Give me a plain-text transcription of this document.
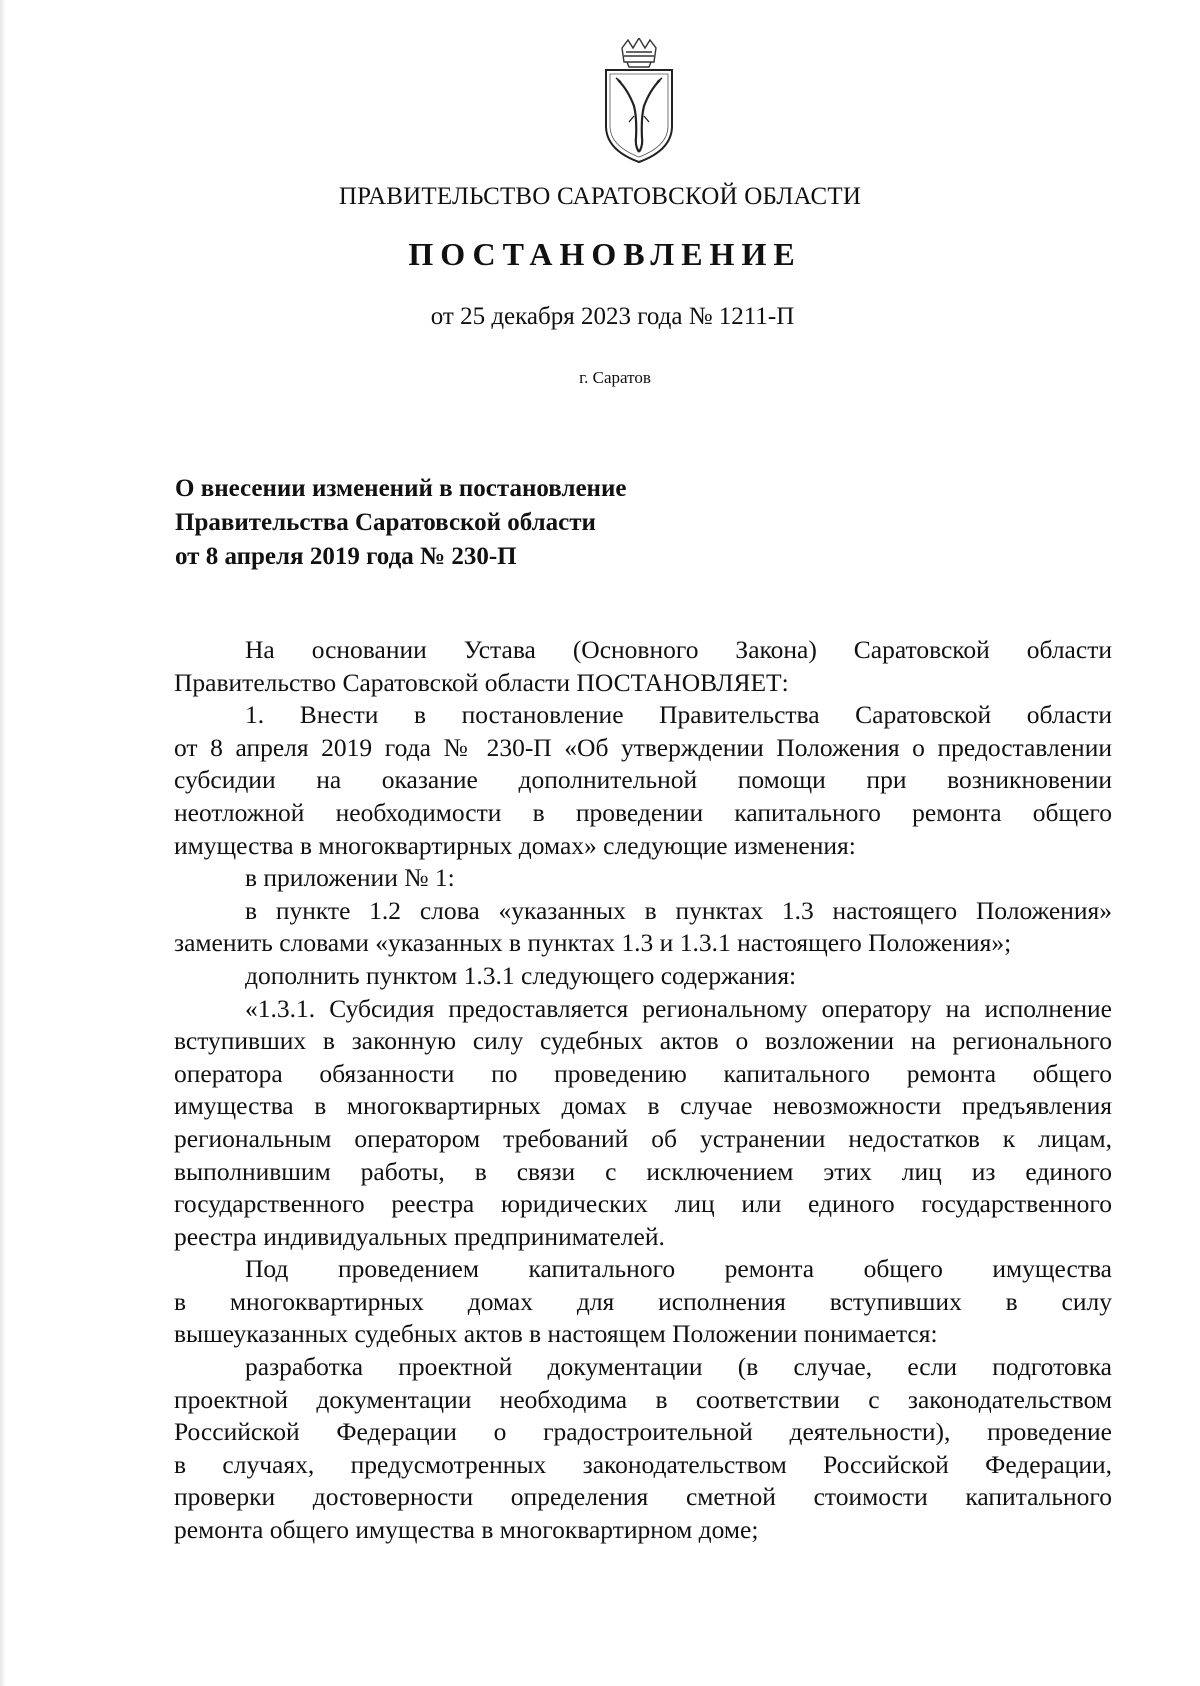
ПРАВИТЕЛЬСТВО САРАТОВСКОЙ ОБЛАСТИ
ПОСТАНОВЛЕНИЕ
от 25 декабря 2023 года № 1211-П
г. Саратов
О внесении изменений в постановление
Правительства Саратовской области
от 8 апреля 2019 года № 230-П
На основании Устава (Основного Закона) Саратовской области
Правительство Саратовской области ПОСТАНОВЛЯЕТ:
1. Внести в постановление Правительства Саратовской области
от 8 апреля 2019 года № 230-П «Об утверждении Положения о предоставлении
субсидии на оказание дополнительной помощи при возникновении
неотложной необходимости в проведении капитального ремонта общего
имущества в многоквартирных домах» следующие изменения:
в приложении № 1:
в пункте 1.2 слова «указанных в пунктах 1.3 настоящего Положения»
заменить словами «указанных в пунктах 1.3 и 1.3.1 настоящего Положения»;
дополнить пунктом 1.3.1 следующего содержания:
«1.3.1. Субсидия предоставляется региональному оператору на исполнение
вступивших в законную силу судебных актов о возложении на регионального
оператора обязанности по проведению капитального ремонта общего
имущества в многоквартирных домах в случае невозможности предъявления
региональным оператором требований об устранении недостатков к лицам,
выполнившим работы, в связи с исключением этих лиц из единого
государственного реестра юридических лиц или единого государственного
реестра индивидуальных предпринимателей.
Под проведением капитального ремонта общего имущества
в многоквартирных домах для исполнения вступивших в силу
вышеуказанных судебных актов в настоящем Положении понимается:
разработка проектной документации (в случае, если подготовка
проектной документации необходима в соответствии с законодательством
Российской Федерации о градостроительной деятельности), проведение
в случаях, предусмотренных законодательством Российской Федерации,
проверки достоверности определения сметной стоимости капитального
ремонта общего имущества в многоквартирном доме;
